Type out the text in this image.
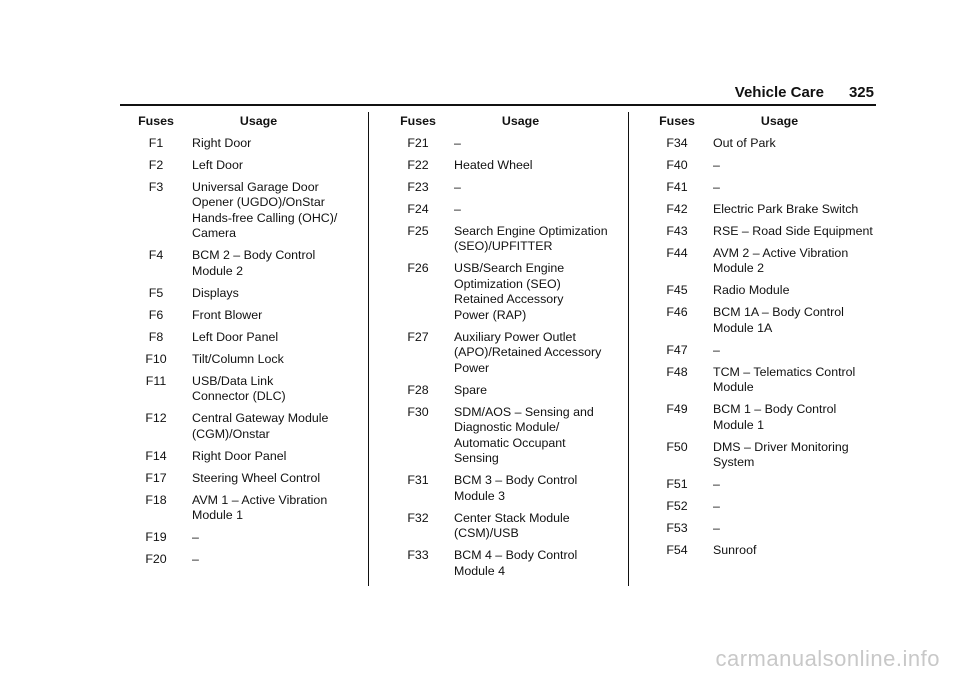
Vehicle Care 325
Fuses	Usage
F1	Right Door
F2	Left Door
F3	Universal Garage Door
Opener (UGDO)/OnStar
Hands-free Calling (OHC)/
Camera
F4	BCM 2 – Body Control
Module 2
F5	Displays
F6	Front Blower
F8	Left Door Panel
F10	Tilt/Column Lock
F11	USB/Data Link
Connector (DLC)
F12	Central Gateway Module
(CGM)/Onstar
F14	Right Door Panel
F17	Steering Wheel Control
F18	AVM 1 – Active Vibration
Module 1
F19	–
F20	–
Fuses	Usage
F21	–
F22	Heated Wheel
F23	–
F24	–
F25	Search Engine Optimization
(SEO)/UPFITTER
F26	USB/Search Engine
Optimization (SEO)
Retained Accessory
Power (RAP)
F27	Auxiliary Power Outlet
(APO)/Retained Accessory
Power
F28	Spare
F30	SDM/AOS – Sensing and
Diagnostic Module/
Automatic Occupant
Sensing
F31	BCM 3 – Body Control
Module 3
F32	Center Stack Module
(CSM)/USB
F33	BCM 4 – Body Control
Module 4
Fuses	Usage
F34	Out of Park
F40	–
F41	–
F42	Electric Park Brake Switch
F43	RSE – Road Side Equipment
F44	AVM 2 – Active Vibration
Module 2
F45	Radio Module
F46	BCM 1A – Body Control
Module 1A
F47	–
F48	TCM – Telematics Control
Module
F49	BCM 1 – Body Control
Module 1
F50	DMS – Driver Monitoring
System
F51	–
F52	–
F53	–
F54	Sunroof
carmanualsonline.info
